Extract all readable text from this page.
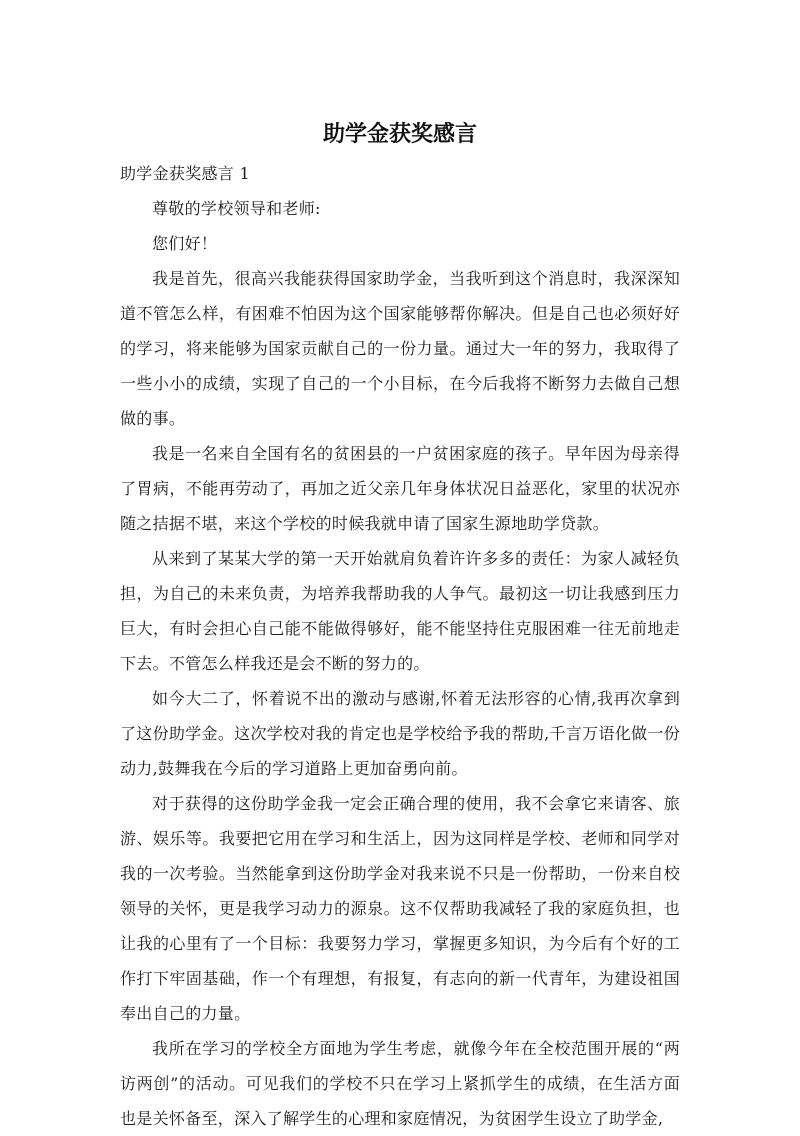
助学金获奖感言

助学金获奖感言 1

尊敬的学校领导和老师:

您们好！

我是首先，很高兴我能获得国家助学金，当我听到这个消息时，我深深知道不管怎么样，有困难不怕因为这个国家能够帮你解决。但是自己也必须好好的学习，将来能够为国家贡献自己的一份力量。通过大一年的努力，我取得了一些小小的成绩，实现了自己的一个小目标，在今后我将不断努力去做自己想做的事。

我是一名来自全国有名的贫困县的一户贫困家庭的孩子。早年因为母亲得了胃病，不能再劳动了，再加之近父亲几年身体状况日益恶化，家里的状况亦随之拮据不堪，来这个学校的时候我就申请了国家生源地助学贷款。

从来到了某某大学的第一天开始就肩负着许许多多的责任：为家人减轻负担，为自己的未来负责，为培养我帮助我的人争气。最初这一切让我感到压力巨大，有时会担心自己能不能做得够好，能不能坚持住克服困难一往无前地走下去。不管怎么样我还是会不断的努力的。

如今大二了，怀着说不出的激动与感谢,怀着无法形容的心情,我再次拿到了这份助学金。这次学校对我的肯定也是学校给予我的帮助,千言万语化做一份动力,鼓舞我在今后的学习道路上更加奋勇向前。

对于获得的这份助学金我一定会正确合理的使用，我不会拿它来请客、旅游、娱乐等。我要把它用在学习和生活上，因为这同样是学校、老师和同学对我的一次考验。当然能拿到这份助学金对我来说不只是一份帮助，一份来自校领导的关怀，更是我学习动力的源泉。这不仅帮助我减轻了我的家庭负担，也让我的心里有了一个目标：我要努力学习，掌握更多知识，为今后有个好的工作打下牢固基础，作一个有理想，有报复，有志向的新一代青年，为建设祖国奉出自己的力量。

我所在学习的学校全方面地为学生考虑，就像今年在全校范围开展的“两访两创”的活动。可见我们的学校不只在学习上紧抓学生的成绩，在生活方面也是关怀备至，深入了解学生的心理和家庭情况，为贫困学生设立了助学金,
